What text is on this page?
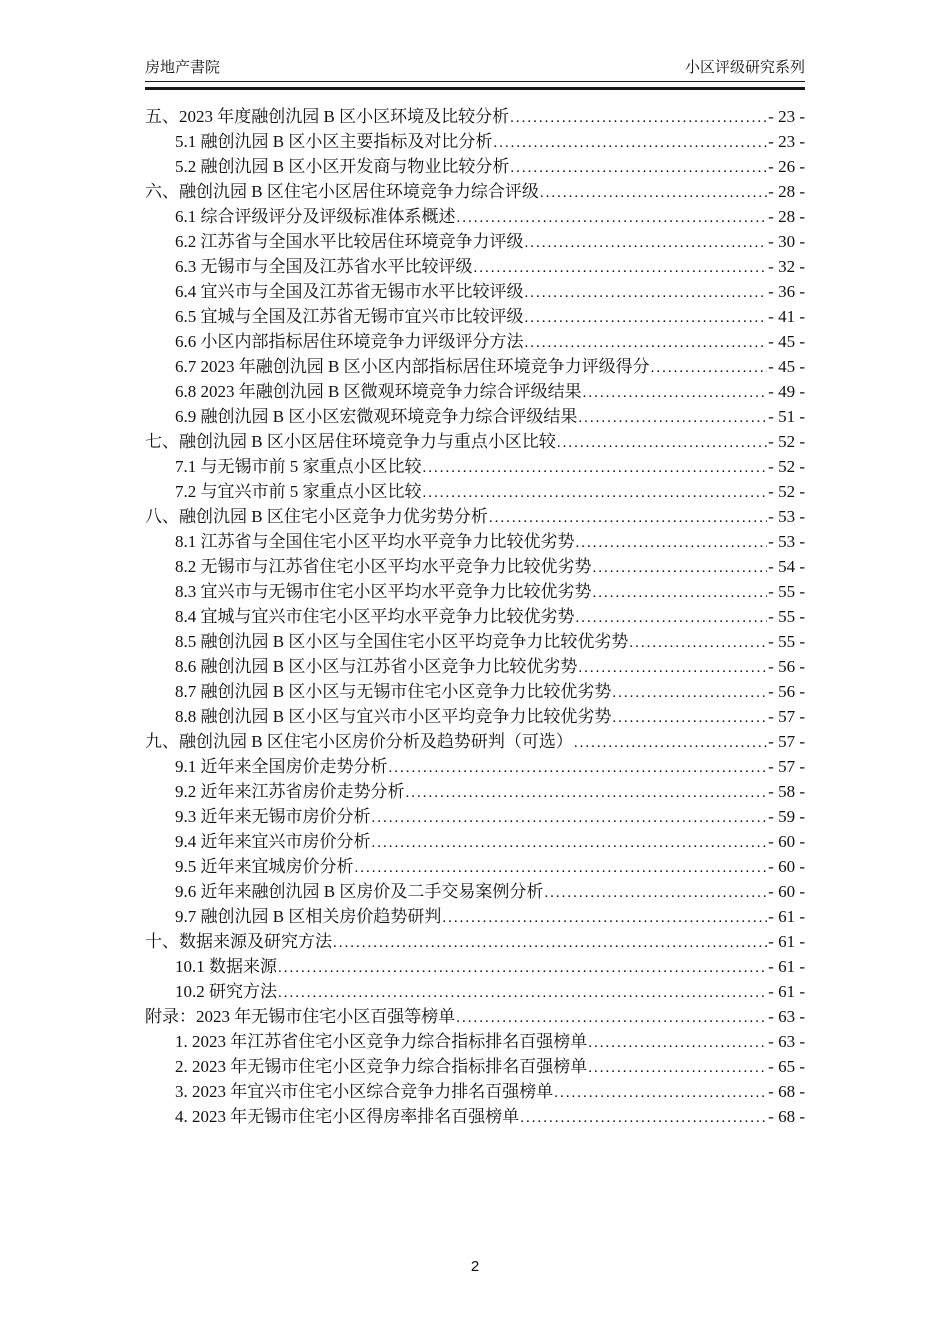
房地产書院	小区评级研究系列
五、2023 年度融创氿园 B 区小区环境及比较分析 .....	- 23 -
5.1 融创氿园 B 区小区主要指标及对比分析 .....	- 23 -
5.2 融创氿园 B 区小区开发商与物业比较分析 .....	- 26 -
六、融创氿园 B 区住宅小区居住环境竞争力综合评级 .....	- 28 -
6.1 综合评级评分及评级标准体系概述 .....	- 28 -
6.2 江苏省与全国水平比较居住环境竞争力评级 .....	- 30 -
6.3 无锡市与全国及江苏省水平比较评级 .....	- 32 -
6.4 宜兴市与全国及江苏省无锡市水平比较评级 .....	- 36 -
6.5 宜城与全国及江苏省无锡市宜兴市比较评级 .....	- 41 -
6.6 小区内部指标居住环境竞争力评级评分方法 .....	- 45 -
6.7 2023 年融创氿园 B 区小区内部指标居住环境竞争力评级得分 .....	- 45 -
6.8 2023 年融创氿园 B 区微观环境竞争力综合评级结果 .....	- 49 -
6.9 融创氿园 B 区小区宏微观环境竞争力综合评级结果 .....	- 51 -
七、融创氿园 B 区小区居住环境竞争力与重点小区比较 .....	- 52 -
7.1 与无锡市前 5 家重点小区比较 .....	- 52 -
7.2 与宜兴市前 5 家重点小区比较 .....	- 52 -
八、融创氿园 B 区住宅小区竞争力优劣势分析 .....	- 53 -
8.1 江苏省与全国住宅小区平均水平竞争力比较优劣势 .....	- 53 -
8.2 无锡市与江苏省住宅小区平均水平竞争力比较优劣势 .....	- 54 -
8.3 宜兴市与无锡市住宅小区平均水平竞争力比较优劣势 .....	- 55 -
8.4 宜城与宜兴市住宅小区平均水平竞争力比较优劣势 .....	- 55 -
8.5 融创氿园 B 区小区与全国住宅小区平均竞争力比较优劣势 .....	- 55 -
8.6 融创氿园 B 区小区与江苏省小区竞争力比较优劣势 .....	- 56 -
8.7 融创氿园 B 区小区与无锡市住宅小区竞争力比较优劣势 .....	- 56 -
8.8 融创氿园 B 区小区与宜兴市小区平均竞争力比较优劣势 .....	- 57 -
九、融创氿园 B 区住宅小区房价分析及趋势研判（可选） .....	- 57 -
9.1 近年来全国房价走势分析 .....	- 57 -
9.2 近年来江苏省房价走势分析 .....	- 58 -
9.3 近年来无锡市房价分析 .....	- 59 -
9.4 近年来宜兴市房价分析 .....	- 60 -
9.5 近年来宜城房价分析 .....	- 60 -
9.6 近年来融创氿园 B 区房价及二手交易案例分析 .....	- 60 -
9.7 融创氿园 B 区相关房价趋势研判 .....	- 61 -
十、数据来源及研究方法 .....	- 61 -
10.1 数据来源 .....	- 61 -
10.2 研究方法 .....	- 61 -
附录：2023 年无锡市住宅小区百强等榜单 .....	- 63 -
1. 2023 年江苏省住宅小区竞争力综合指标排名百强榜单 .....	- 63 -
2. 2023 年无锡市住宅小区竞争力综合指标排名百强榜单 .....	- 65 -
3. 2023 年宜兴市住宅小区综合竞争力排名百强榜单 .....	- 68 -
4. 2023 年无锡市住宅小区得房率排名百强榜单 .....	- 68 -
2
